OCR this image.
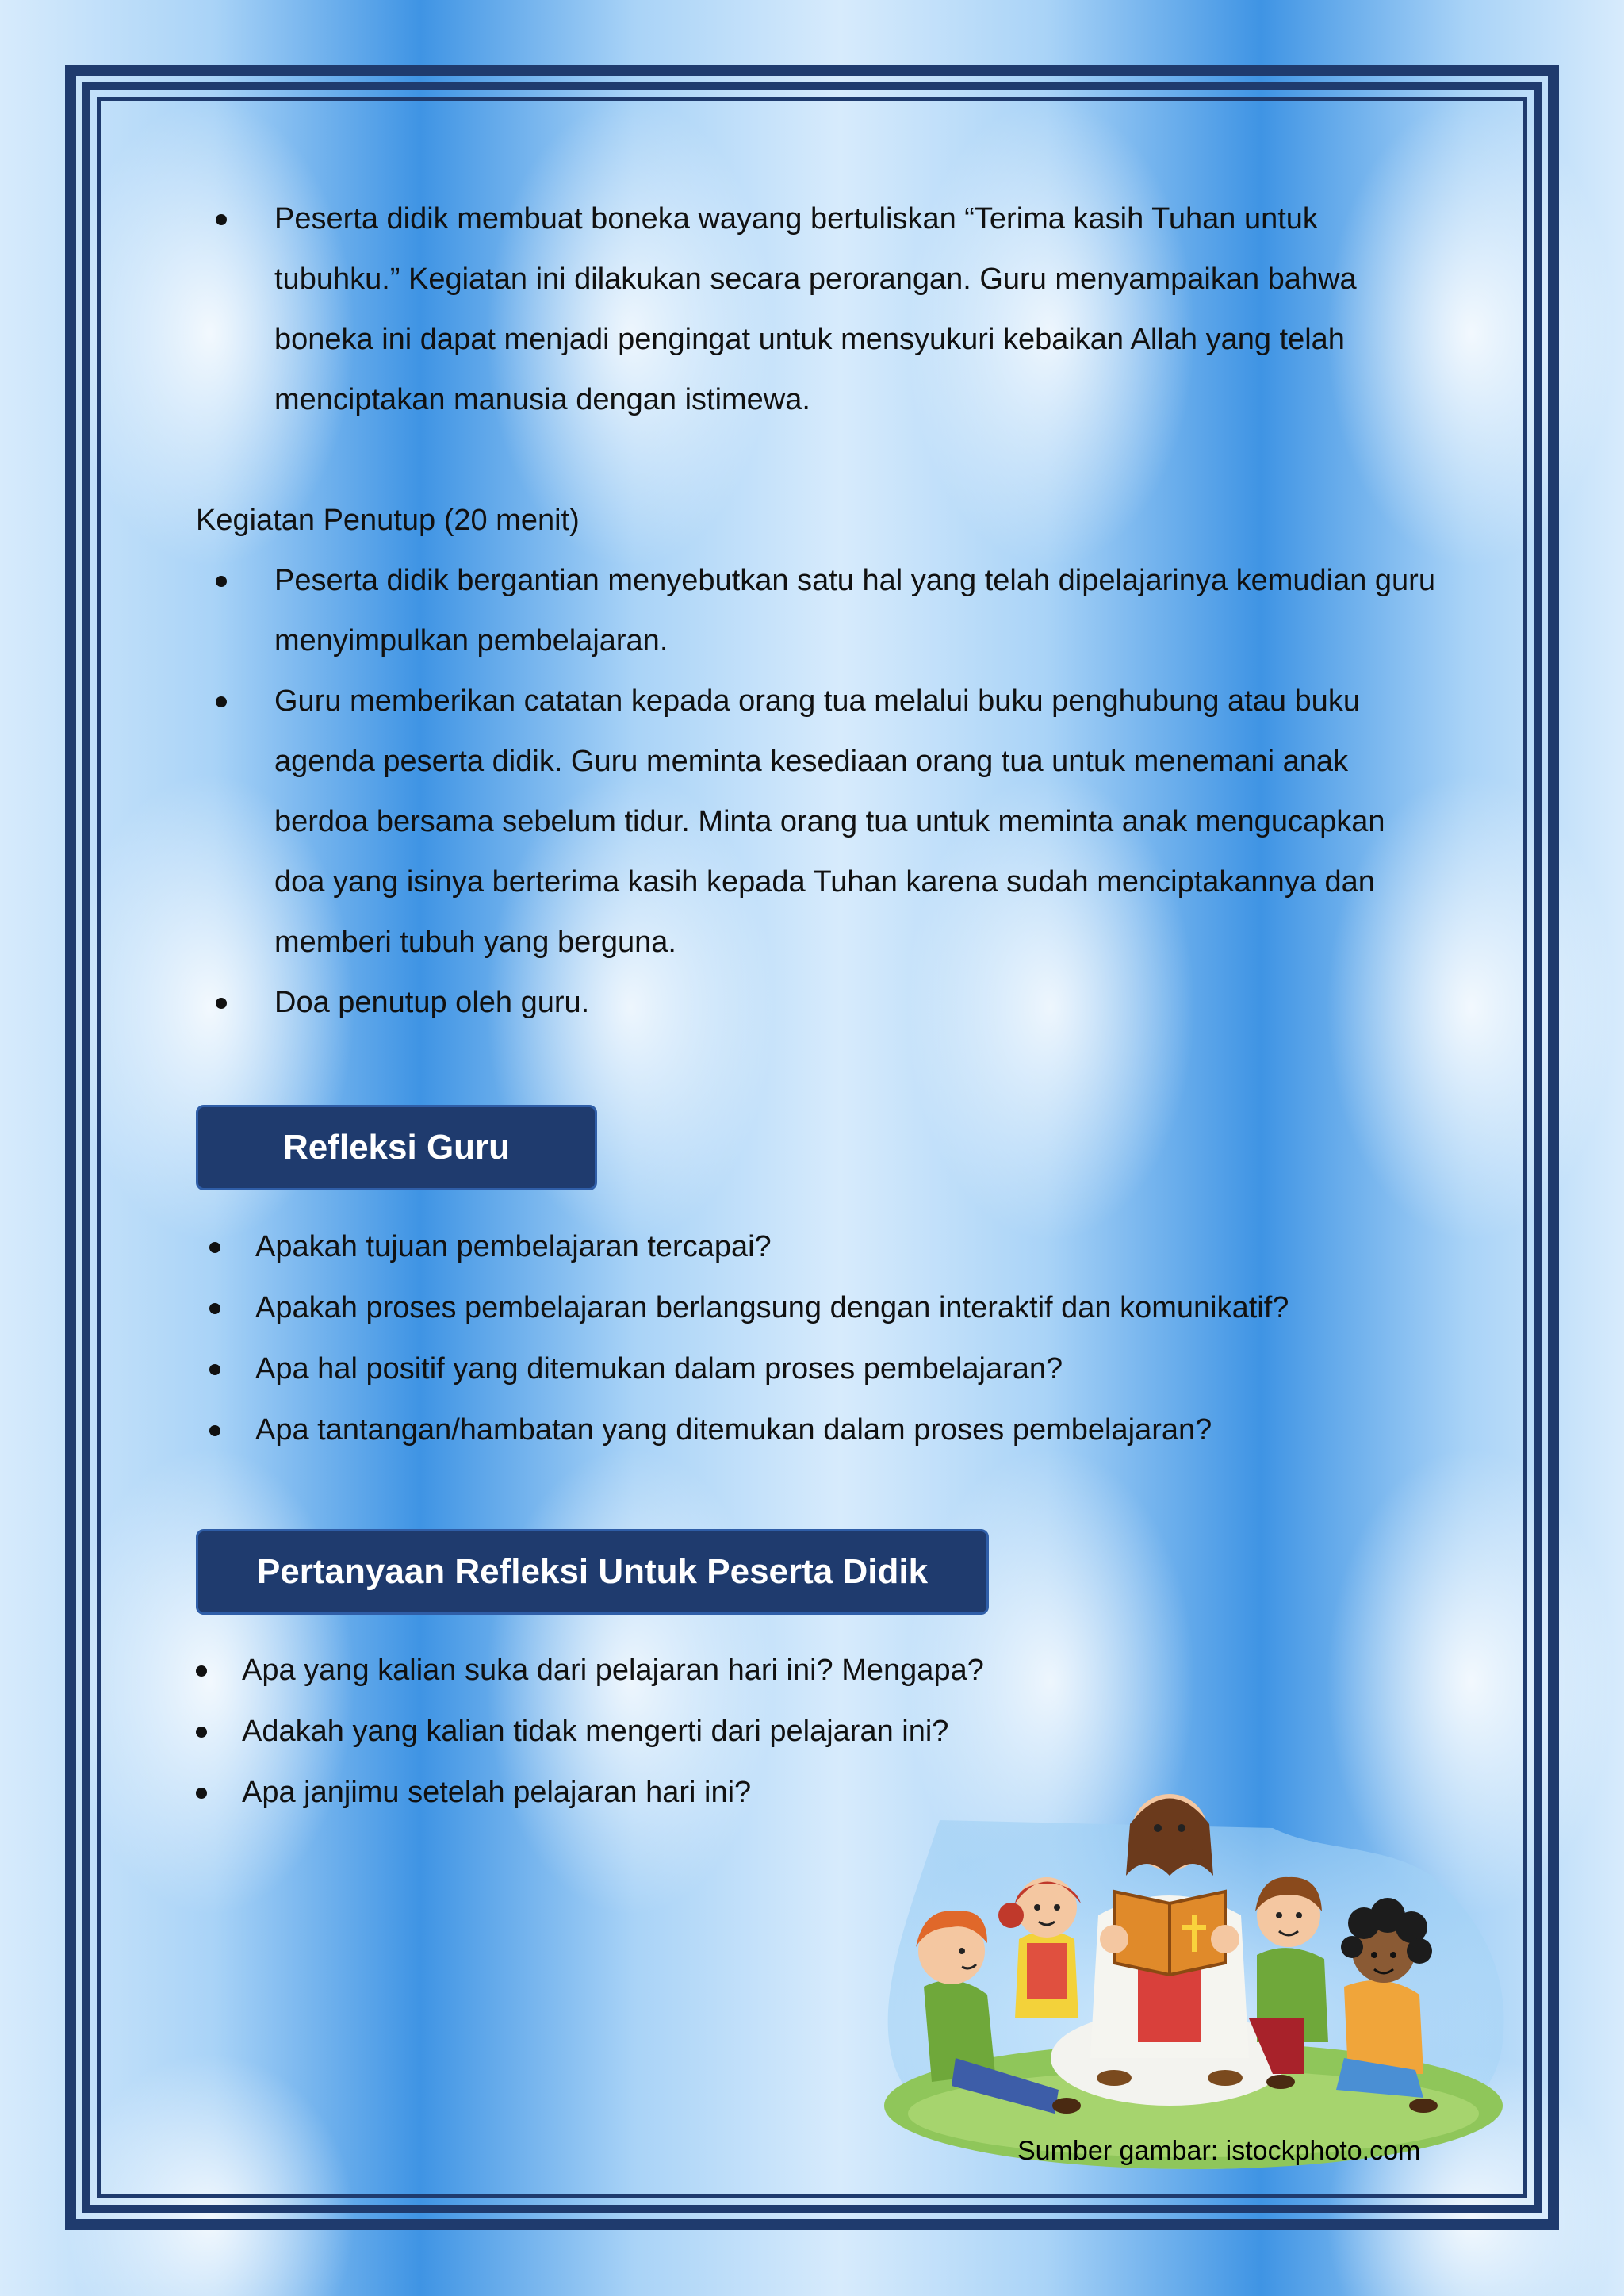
Peserta didik membuat boneka wayang bertuliskan “Terima kasih Tuhan untuk
tubuhku.” Kegiatan ini dilakukan secara perorangan. Guru menyampaikan bahwa
boneka ini dapat menjadi pengingat untuk mensyukuri kebaikan Allah yang telah
menciptakan manusia dengan istimewa.
Kegiatan Penutup (20 menit)
Peserta didik bergantian menyebutkan satu hal yang telah dipelajarinya kemudian guru
menyimpulkan pembelajaran.
Guru memberikan catatan kepada orang tua melalui buku penghubung atau buku
agenda peserta didik. Guru meminta kesediaan orang tua untuk menemani anak
berdoa bersama sebelum tidur. Minta orang tua untuk meminta anak mengucapkan
doa yang isinya berterima kasih kepada Tuhan karena sudah menciptakannya dan
memberi tubuh yang berguna.
Doa penutup oleh guru.
Refleksi Guru
Apakah tujuan pembelajaran tercapai?
Apakah proses pembelajaran berlangsung dengan interaktif dan komunikatif?
Apa hal positif yang ditemukan dalam proses pembelajaran?
Apa tantangan/hambatan yang ditemukan dalam proses pembelajaran?
Pertanyaan Refleksi Untuk Peserta Didik
Apa yang kalian suka dari pelajaran hari ini? Mengapa?
Adakah yang kalian tidak mengerti dari pelajaran ini?
Apa janjimu setelah pelajaran hari ini?
Sumber gambar: istockphoto.com
